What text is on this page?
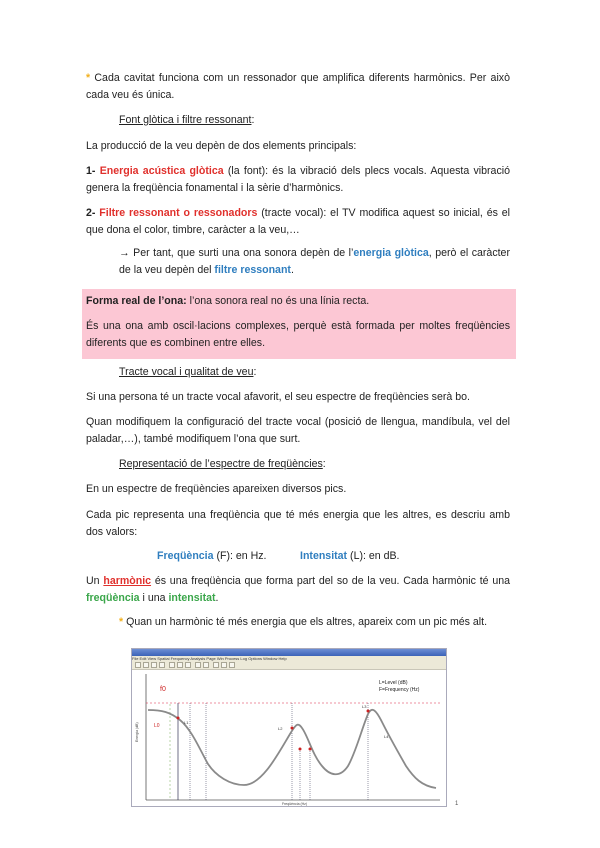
* Cada cavitat funciona com un ressonador que amplifica diferents harmònics. Per això cada veu és única.
Font glòtica i filtre ressonant:
La producció de la veu depèn de dos elements principals:
1- Energia acústica glòtica (la font): és la vibració dels plecs vocals. Aquesta vibració genera la freqüència fonamental i la sèrie d’harmònics.
2- Filtre ressonant o ressonadors (tracte vocal): el TV modifica aquest so inicial, és el que dona el color, timbre, caràcter a la veu,…
→ Per tant, que surti una ona sonora depèn de l’energia glòtica, però el caràcter de la veu depèn del filtre ressonant.
Forma real de l’ona: l’ona sonora real no és una línia recta.
És una ona amb oscil·lacions complexes, perquè està formada per moltes freqüències diferents que es combinen entre elles.
Tracte vocal i qualitat de veu:
Si una persona té un tracte vocal afavorit, el seu espectre de freqüències serà bo.
Quan modifiquem la configuració del tracte vocal (posició de llengua, mandíbula, vel del paladar,…), també modifiquem l’ona que surt.
Representació de l’espectre de freqüències:
En un espectre de freqüències apareixen diversos pics.
Cada pic representa una freqüència que té més energia que les altres, es descriu amb dos valors:
Freqüència (F): en Hz.	Intensitat (L): en dB.
Un harmònic és una freqüència que forma part del so de la veu. Cada harmònic té una freqüència i una intensitat.
* Quan un harmònic té més energia que els altres, apareix com un pic més alt.
File Edit View Spatial Frequency Analysis Page Win Process Log Options Window Help
f0
L0
L1
L2
L3
L4
L=Level (dB)
F=Frequency (Hz)
Energia (dB)
Freqüència (Hz)	1
